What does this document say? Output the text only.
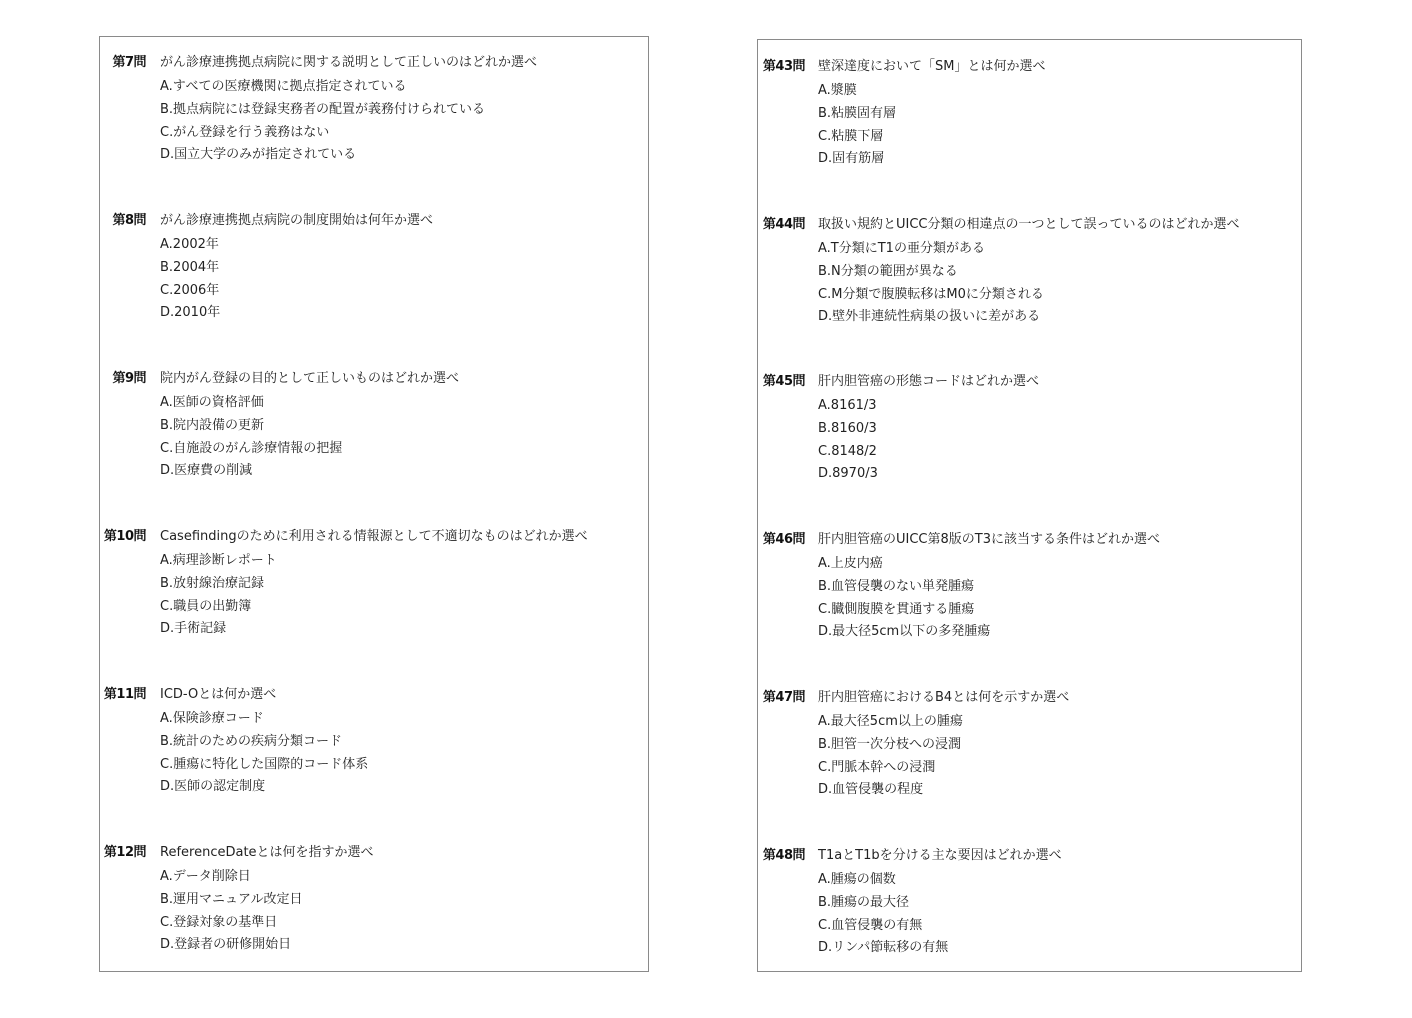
第7問 がん診療連携拠点病院に関する説明として正しいのはどれか選べ
A.すべての医療機関に拠点指定されている
B.拠点病院には登録実務者の配置が義務付けられている
C.がん登録を行う義務はない
D.国立大学のみが指定されている
第8問 がん診療連携拠点病院の制度開始は何年か選べ
A.2002年
B.2004年
C.2006年
D.2010年
第9問 院内がん登録の目的として正しいものはどれか選べ
A.医師の資格評価
B.院内設備の更新
C.自施設のがん診療情報の把握
D.医療費の削減
第10問 Casefindingのために利用される情報源として不適切なものはどれか選べ
A.病理診断レポート
B.放射線治療記録
C.職員の出勤簿
D.手術記録
第11問 ICD-Oとは何か選べ
A.保険診療コード
B.統計のための疾病分類コード
C.腫瘍に特化した国際的コード体系
D.医師の認定制度
第12問 ReferenceDateとは何を指すか選べ
A.データ削除日
B.運用マニュアル改定日
C.登録対象の基準日
D.登録者の研修開始日
第43問 壁深達度において「SM」とは何か選べ
A.漿膜
B.粘膜固有層
C.粘膜下層
D.固有筋層
第44問 取扱い規約とUICC分類の相違点の一つとして誤っているのはどれか選べ
A.T分類にT1の亜分類がある
B.N分類の範囲が異なる
C.M分類で腹膜転移はM0に分類される
D.壁外非連続性病巣の扱いに差がある
第45問 肝内胆管癌の形態コードはどれか選べ
A.8161/3
B.8160/3
C.8148/2
D.8970/3
第46問 肝内胆管癌のUICC第8版のT3に該当する条件はどれか選べ
A.上皮内癌
B.血管侵襲のない単発腫瘍
C.臓側腹膜を貫通する腫瘍
D.最大径5cm以下の多発腫瘍
第47問 肝内胆管癌におけるB4とは何を示すか選べ
A.最大径5cm以上の腫瘍
B.胆管一次分枝への浸潤
C.門脈本幹への浸潤
D.血管侵襲の程度
第48問 T1aとT1bを分ける主な要因はどれか選べ
A.腫瘍の個数
B.腫瘍の最大径
C.血管侵襲の有無
D.リンパ節転移の有無
